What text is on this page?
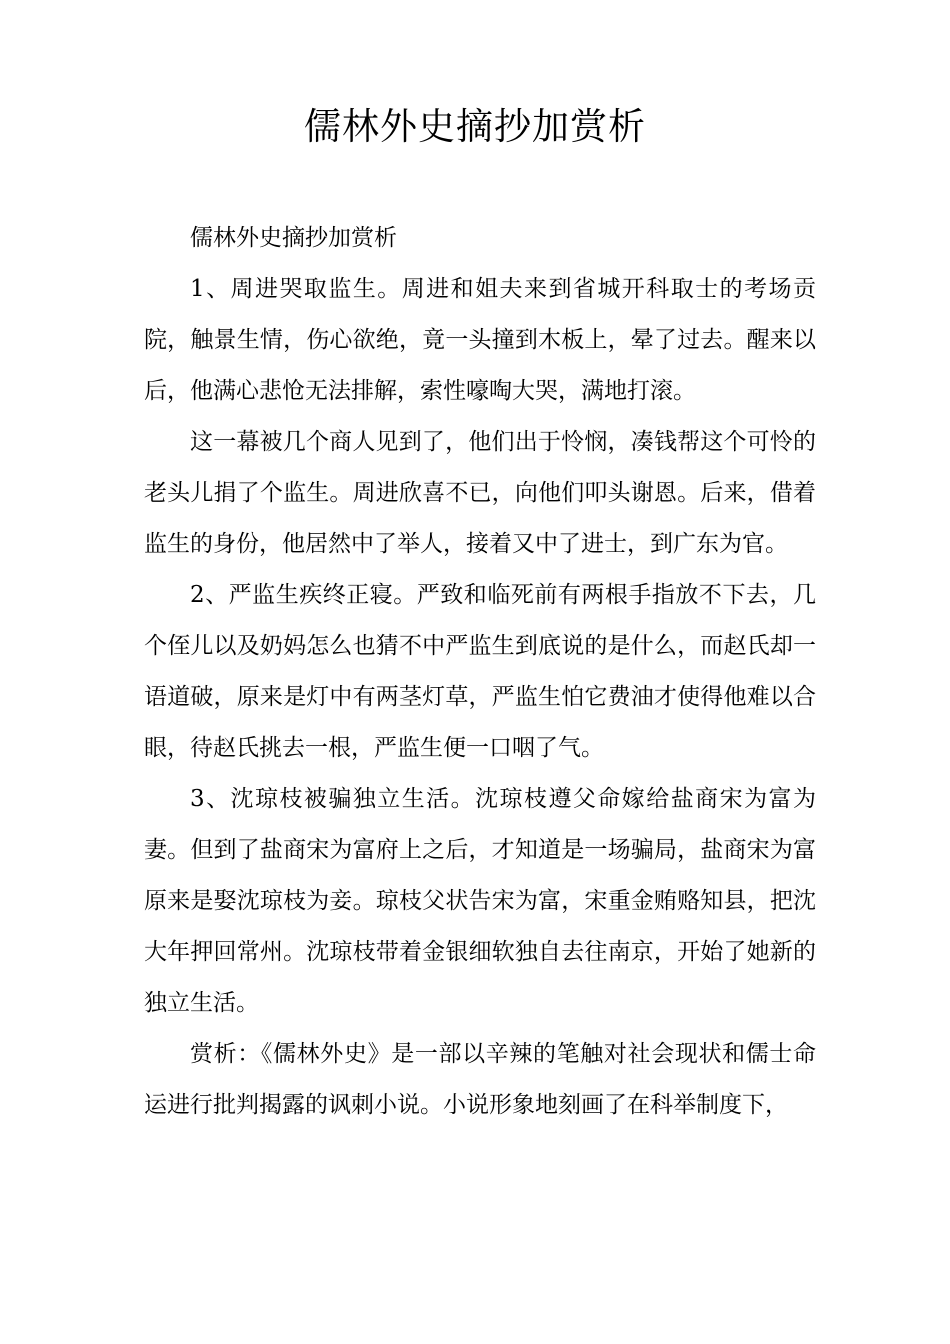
儒林外史摘抄加赏析

儒林外史摘抄加赏析

1、周进哭取监生。周进和姐夫来到省城开科取士的考场贡院，触景生情，伤心欲绝，竟一头撞到木板上，晕了过去。醒来以后，他满心悲怆无法排解，索性嚎啕大哭，满地打滚。

这一幕被几个商人见到了，他们出于怜悯，凑钱帮这个可怜的老头儿捐了个监生。周进欣喜不已，向他们叩头谢恩。后来，借着监生的身份，他居然中了举人，接着又中了进士，到广东为官。

2、严监生疾终正寝。严致和临死前有两根手指放不下去，几个侄儿以及奶妈怎么也猜不中严监生到底说的是什么，而赵氏却一语道破，原来是灯中有两茎灯草，严监生怕它费油才使得他难以合眼，待赵氏挑去一根，严监生便一口咽了气。

3、沈琼枝被骗独立生活。沈琼枝遵父命嫁给盐商宋为富为妻。但到了盐商宋为富府上之后，才知道是一场骗局，盐商宋为富原来是娶沈琼枝为妾。琼枝父状告宋为富，宋重金贿赂知县，把沈大年押回常州。沈琼枝带着金银细软独自去往南京，开始了她新的独立生活。

赏析：《儒林外史》是一部以辛辣的笔触对社会现状和儒士命运进行批判揭露的讽刺小说。小说形象地刻画了在科举制度下，
